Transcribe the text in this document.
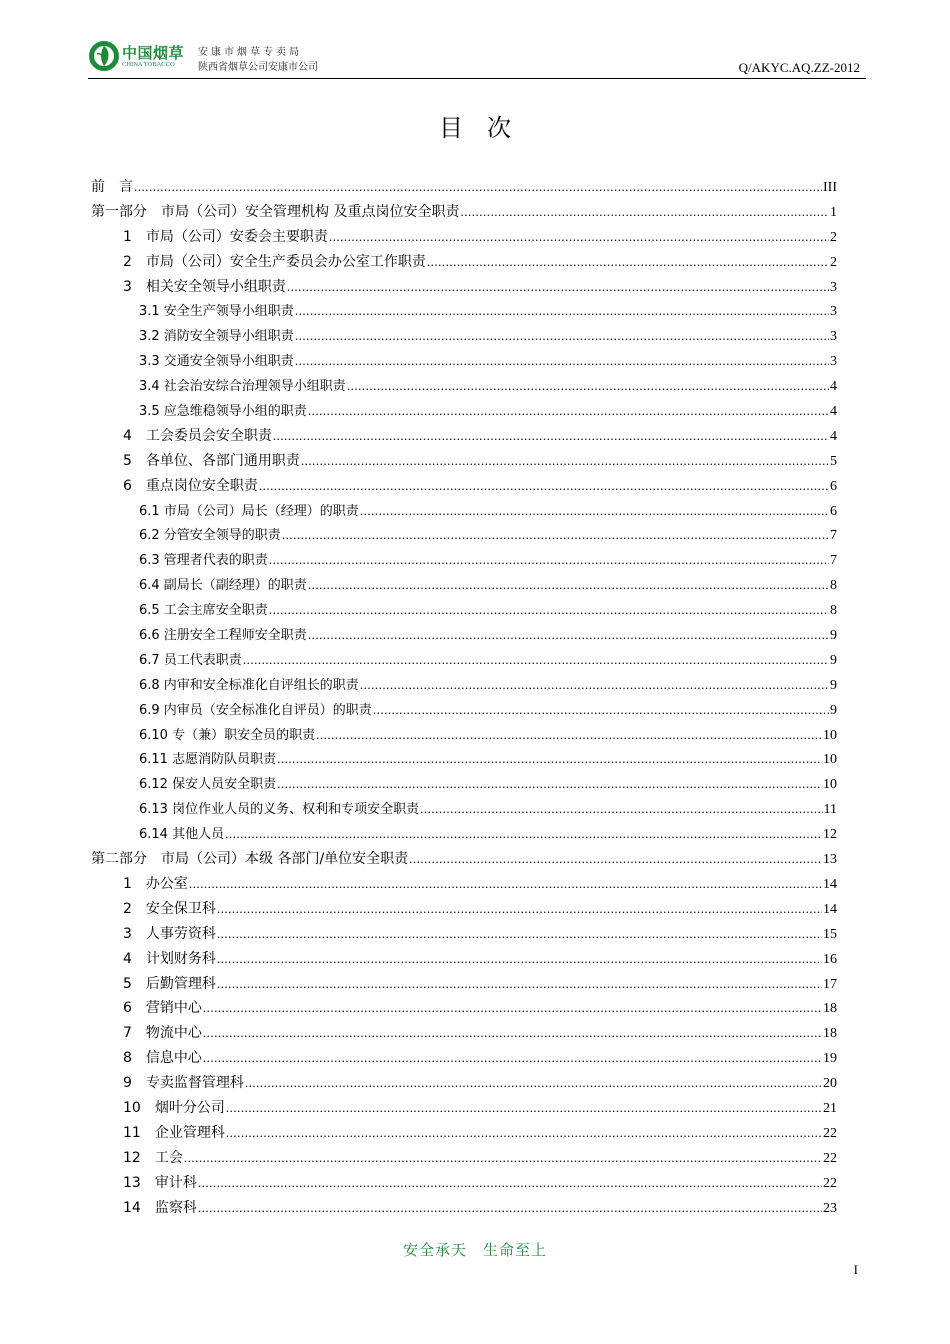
中国烟草
CHINA TOBACCO
安康市烟草专卖局
陕西省烟草公司安康市公司	Q/AKYC.AQ.ZZ-2012
目次
前　言 .....	III
第一部分　市局（公司）安全管理机构 及重点岗位安全职责 .....	1
1　市局（公司）安委会主要职责 .....	2
2　市局（公司）安全生产委员会办公室工作职责 .....	2
3　相关安全领导小组职责 .....	3
3.1 安全生产领导小组职责 .....	3
3.2 消防安全领导小组职责 .....	3
3.3 交通安全领导小组职责 .....	3
3.4 社会治安综合治理领导小组职责 .....	4
3.5 应急维稳领导小组的职责 .....	4
4　工会委员会安全职责 .....	4
5　各单位、各部门通用职责 .....	5
6　重点岗位安全职责 .....	6
6.1 市局（公司）局长（经理）的职责 .....	6
6.2 分管安全领导的职责 .....	7
6.3 管理者代表的职责 .....	7
6.4 副局长（副经理）的职责 .....	8
6.5 工会主席安全职责 .....	8
6.6 注册安全工程师安全职责 .....	9
6.7 员工代表职责 .....	9
6.8 内审和安全标准化自评组长的职责 .....	9
6.9 内审员（安全标准化自评员）的职责 .....	9
6.10 专（兼）职安全员的职责 .....	10
6.11 志愿消防队员职责 .....	10
6.12 保安人员安全职责 .....	10
6.13 岗位作业人员的义务、权利和专项安全职责 .....	11
6.14 其他人员 .....	12
第二部分　市局（公司）本级 各部门/单位安全职责 .....	13
1　办公室 .....	14
2　安全保卫科 .....	14
3　人事劳资科 .....	15
4　计划财务科 .....	16
5　后勤管理科 .....	17
6　营销中心 .....	18
7　物流中心 .....	18
8　信息中心 .....	19
9　专卖监督管理科 .....	20
10　烟叶分公司 .....	21
11　企业管理科 .....	22
12　工会 .....	22
13　审计科 .....	22
14　监察科 .....	23
安全承天　生命至上
I
